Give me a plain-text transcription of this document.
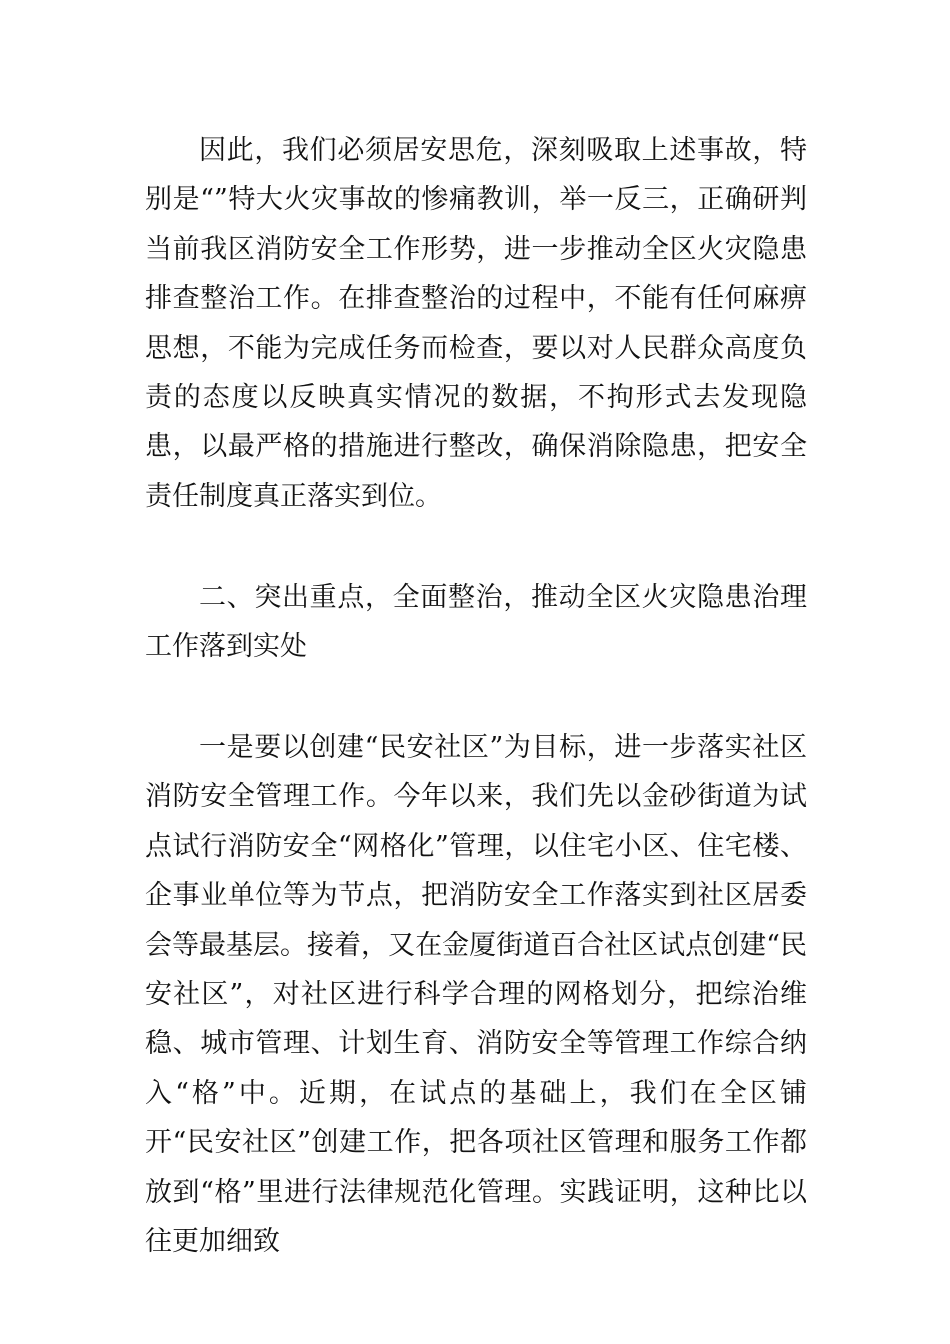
因此，我们必须居安思危，深刻吸取上述事故，特别是“”特大火灾事故的惨痛教训，举一反三，正确研判当前我区消防安全工作形势，进一步推动全区火灾隐患排查整治工作。在排查整治的过程中，不能有任何麻痹思想，不能为完成任务而检查，要以对人民群众高度负责的态度以反映真实情况的数据，不拘形式去发现隐患，以最严格的措施进行整改，确保消除隐患，把安全责任制度真正落实到位。

二、突出重点，全面整治，推动全区火灾隐患治理工作落到实处

一是要以创建“民安社区”为目标，进一步落实社区消防安全管理工作。今年以来，我们先以金砂街道为试点试行消防安全“网格化”管理，以住宅小区、住宅楼、企事业单位等为节点，把消防安全工作落实到社区居委会等最基层。接着，又在金厦街道百合社区试点创建“民安社区”，对社区进行科学合理的网格划分，把综治维稳、城市管理、计划生育、消防安全等管理工作综合纳入“格”中。近期，在试点的基础上，我们在全区铺开“民安社区”创建工作，把各项社区管理和服务工作都放到“格”里进行法律规范化管理。实践证明，这种比以往更加细致
